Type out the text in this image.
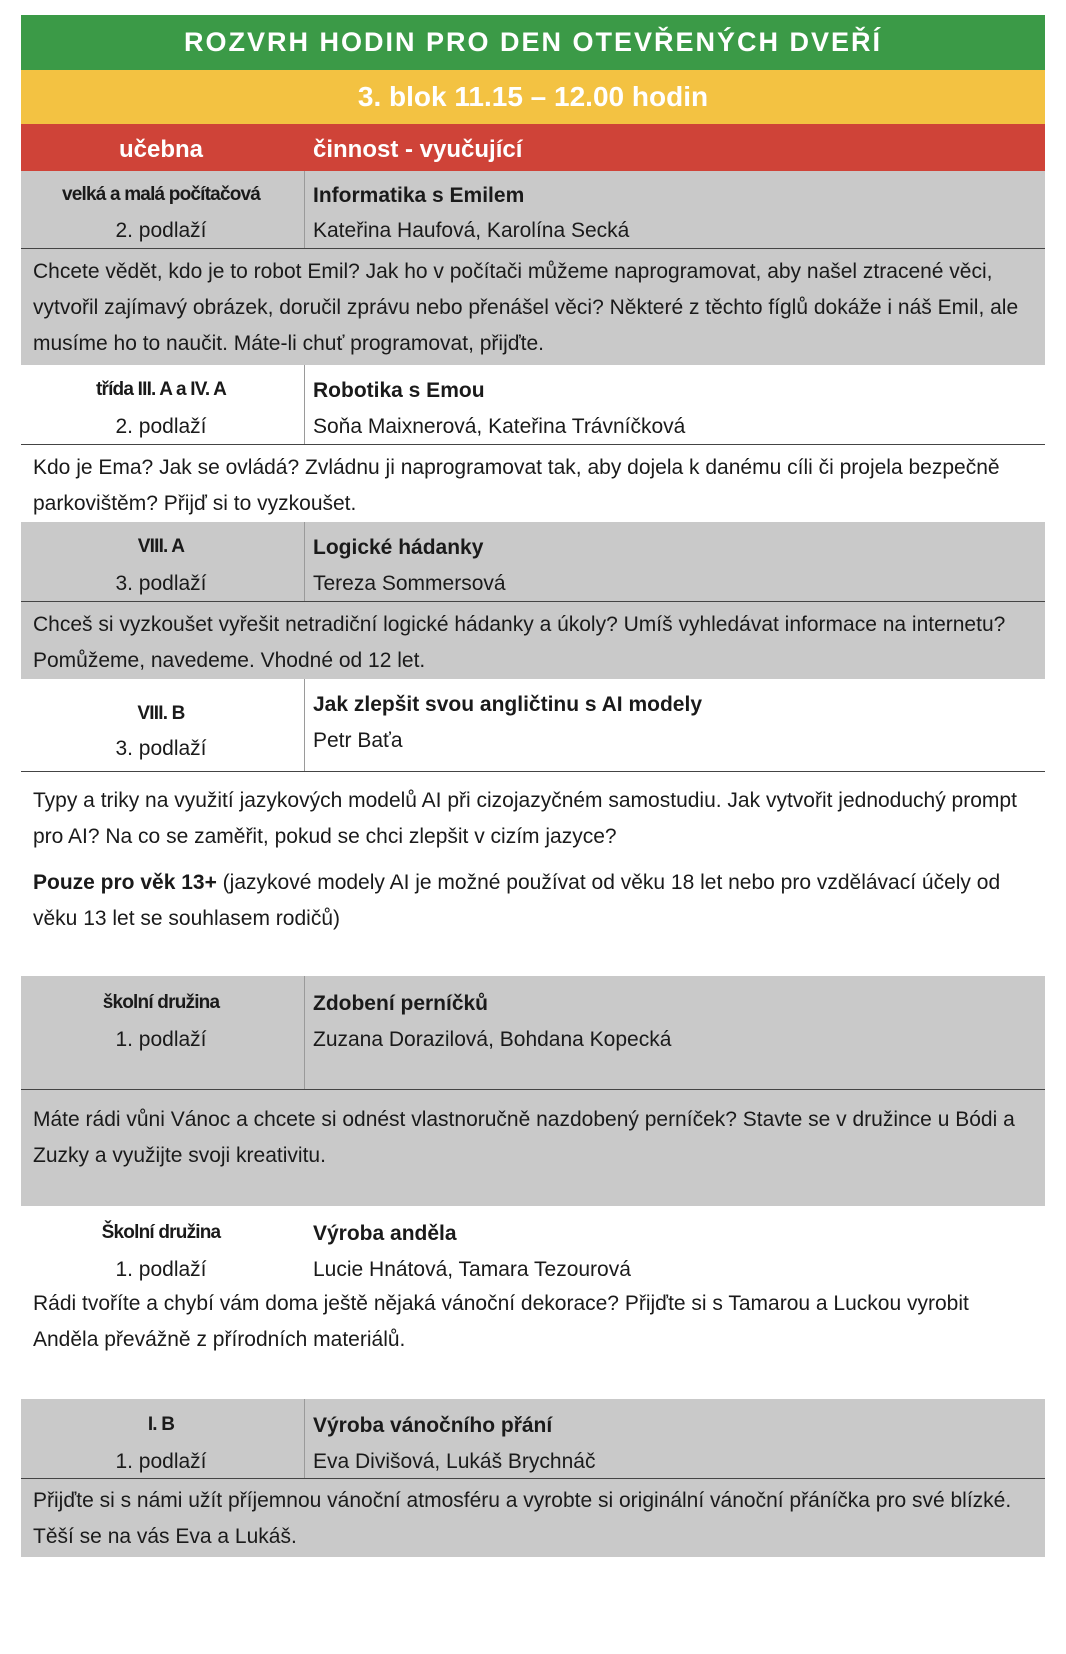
ROZVRH HODIN PRO DEN OTEVŘENÝCH DVEŘÍ
3. blok 11.15 – 12.00 hodin
učebna	činnost - vyučující
velká a malá počítačová
2. podlaží
Informatika s Emilem
Kateřina Haufová, Karolína Secká
Chcete vědět, kdo je to robot Emil? Jak ho v počítači můžeme naprogramovat, aby našel ztracené věci, vytvořil zajímavý obrázek, doručil zprávu nebo přenášel věci? Některé z těchto fíglů dokáže i náš Emil, ale musíme ho to naučit. Máte-li chuť programovat, přijďte.
třída III. A a IV. A
2. podlaží
Robotika s Emou
Soňa Maixnerová, Kateřina Trávníčková
Kdo je Ema? Jak se ovládá? Zvládnu ji naprogramovat tak, aby dojela k danému cíli či projela bezpečně parkovištěm? Přijď si to vyzkoušet.
VIII. A
3. podlaží
Logické hádanky
Tereza Sommersová
Chceš si vyzkoušet vyřešit netradiční logické hádanky a úkoly? Umíš vyhledávat informace na internetu? Pomůžeme, navedeme. Vhodné od 12 let.
VIII. B
3. podlaží
Jak zlepšit svou angličtinu s AI modely
Petr Baťa
Typy a triky na využití jazykových modelů AI při cizojazyčném samostudiu. Jak vytvořit jednoduchý prompt pro AI? Na co se zaměřit, pokud se chci zlepšit v cizím jazyce?
Pouze pro věk 13+ (jazykové modely AI je možné používat od věku 18 let nebo pro vzdělávací účely od věku 13 let se souhlasem rodičů)
školní družina
1. podlaží
Zdobení perníčků
Zuzana Dorazilová, Bohdana Kopecká
Máte rádi vůni Vánoc a chcete si odnést vlastnoručně nazdobený perníček? Stavte se v družince u Bódi a Zuzky a využijte svoji kreativitu.
Školní družina
1. podlaží
Výroba anděla
Lucie Hnátová, Tamara Tezourová
Rádi tvoříte a chybí vám doma ještě nějaká vánoční dekorace? Přijďte si s Tamarou a Luckou vyrobit Anděla převážně z přírodních materiálů.
I. B
1. podlaží
Výroba vánočního přání
Eva Divišová, Lukáš Brychnáč
Přijďte si s námi užít příjemnou vánoční atmosféru a vyrobte si originální vánoční přáníčka pro své blízké. Těší se na vás Eva a Lukáš.
